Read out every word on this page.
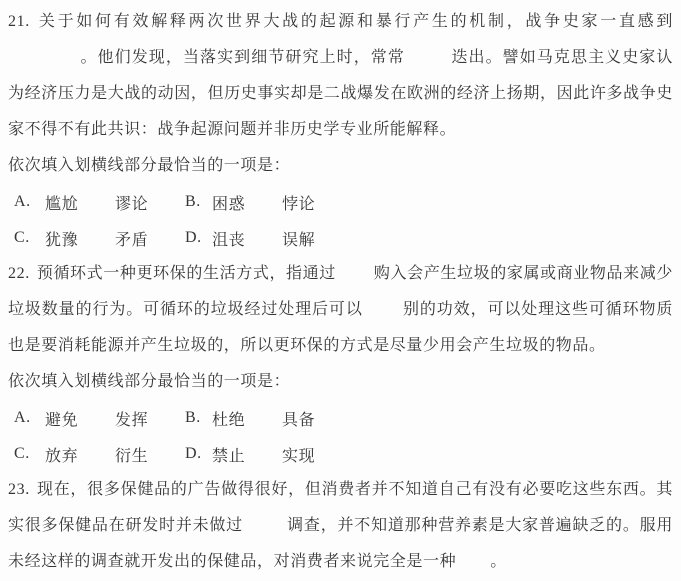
21. 关于如何有效解释两次世界大战的起源和暴行产生的机制，战争史家一直感到。他们发现，当落实到细节研究上时，常常	迭出。譬如马克思主义史家认为经济压力是大战的动因，但历史事实却是二战爆发在欧洲的经济上扬期，因此许多战争史家不得不有此共识：战争起源问题并非历史学专业所能解释。

依次填入划横线部分最恰当的一项是：

A. 尴尬	谬论	B. 困惑	悖论
C. 犹豫	矛盾	D. 沮丧	误解

22. 预循环式一种更环保的生活方式，指通过 购入会产生垃圾的家属或商业物品来减少垃圾数量的行为。可循环的垃圾经过处理后可以	别的功效，可以处理这些可循环物质也是要消耗能源并产生垃圾的，所以更环保的方式是尽量少用会产生垃圾的物品。

依次填入划横线部分最恰当的一项是：

A. 避免	发挥	B. 杜绝	具备
C. 放弃	衍生	D. 禁止	实现

23. 现在，很多保健品的广告做得很好，但消费者并不知道自己有没有必要吃这些东西。其实很多保健品在研发时并未做过	调查，并不知道那种营养素是大家普遍缺乏的。服用未经这样的调查就开发出的保健品，对消费者来说完全是一种 。
